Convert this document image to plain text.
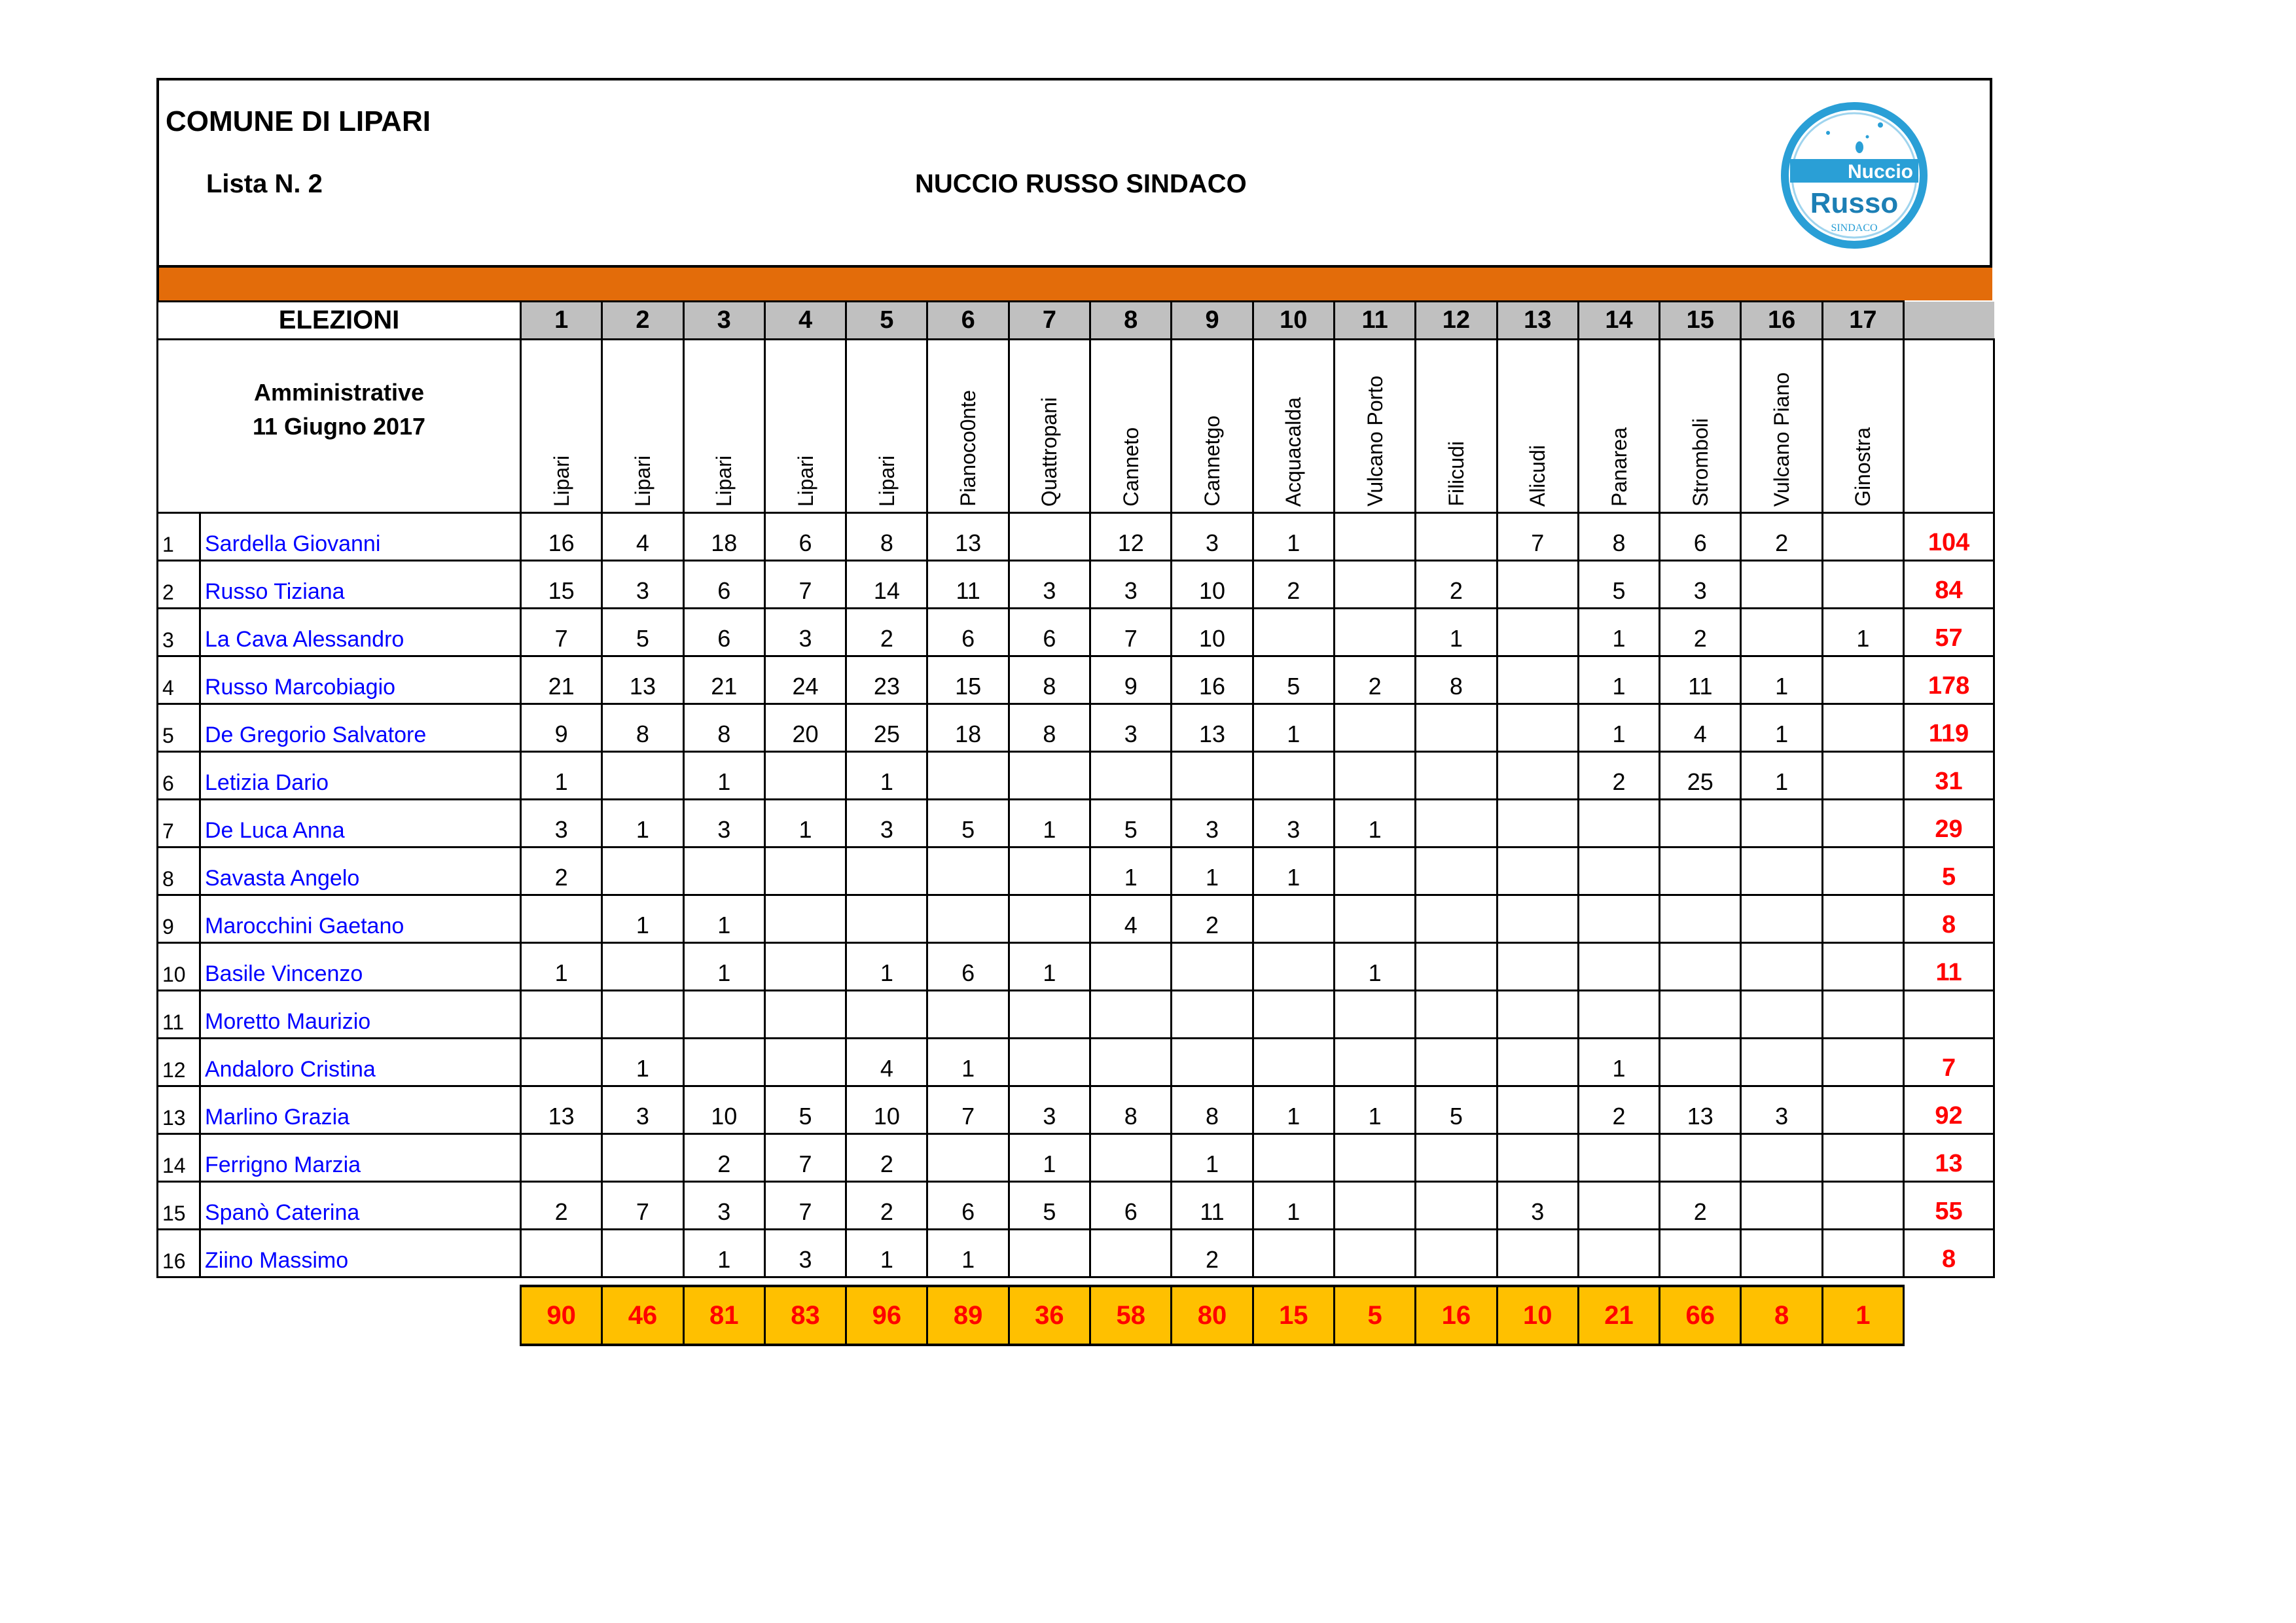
COMUNE DI LIPARI
Lista N. 2	NUCCIO RUSSO SINDACO	Nuccio
Russo
SINDACO
ELEZIONI		1	2	3	4	5	6	7	8	9	10	11	12	13	14	15	16	17	

Amministrative
11 Giugno 2017		Lipari	Lipari	Lipari	Lipari	Lipari	Pianoco0nte	Quattropani	Canneto	Cannetgo	Acquacalda	Vulcano Porto	Filicudi	Alicudi	Panarea	Stromboli	Vulcano Piano	Ginostra	

1	Sardella Giovanni	16	4	18	6	8	13		12	3	1			7	8	6	2		104
2	Russo Tiziana	15	3	6	7	14	11	3	3	10	2		2		5	3			84
3	La Cava Alessandro	7	5	6	3	2	6	6	7	10			1		1	2		1	57
4	Russo Marcobiagio	21	13	21	24	23	15	8	9	16	5	2	8		1	11	1		178
5	De Gregorio Salvatore	9	8	8	20	25	18	8	3	13	1				1	4	1		119
6	Letizia Dario	1		1		1									2	25	1		31
7	De Luca Anna	3	1	3	1	3	5	1	5	3	3	1							29
8	Savasta Angelo	2							1	1	1								5
9	Marocchini Gaetano		1	1					4	2									8
10	Basile Vincenzo	1		1		1	6	1				1							11
11	Moretto Maurizio																		
12	Andaloro Cristina		1			4	1								1				7
13	Marlino Grazia	13	3	10	5	10	7	3	8	8	1	1	5		2	13	3		92
14	Ferrigno Marzia			2	7	2		1		1									13
15	Spanò Caterina	2	7	3	7	2	6	5	6	11	1			3		2			55
16	Ziino Massimo			1	3	1	1			2									8
90	46	81	83	96	89	36	58	80	15	5	16	10	21	66	8	1
